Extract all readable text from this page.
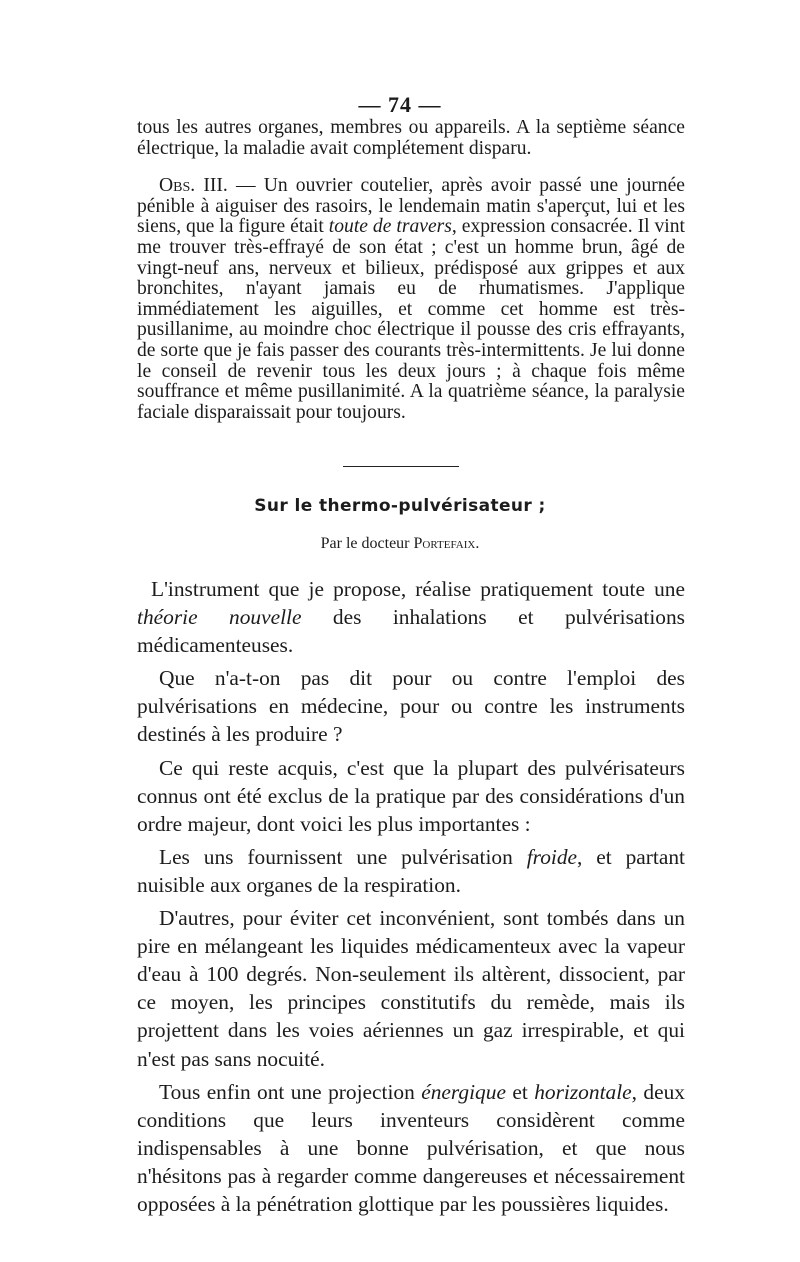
— 74 —

tous les autres organes, membres ou appareils. A la septième séance électrique, la maladie avait complétement disparu.

Obs. III. — Un ouvrier coutelier, après avoir passé une journée pénible à aiguiser des rasoirs, le lendemain matin s'aperçut, lui et les siens, que la figure était toute de travers, expression consacrée. Il vint me trouver très-effrayé de son état ; c'est un homme brun, âgé de vingt-neuf ans, nerveux et bilieux, prédisposé aux grippes et aux bronchites, n'ayant jamais eu de rhumatismes. J'applique immédiatement les aiguilles, et comme cet homme est très-pusillanime, au moindre choc électrique il pousse des cris effrayants, de sorte que je fais passer des courants très-intermittents. Je lui donne le conseil de revenir tous les deux jours ; à chaque fois même souffrance et même pusillanimité. A la quatrième séance, la paralysie faciale disparaissait pour toujours.

Sur le thermo-pulvérisateur ;
Par le docteur Portefaix.

L'instrument que je propose, réalise pratiquement toute une théorie nouvelle des inhalations et pulvérisations médicamenteuses.

Que n'a-t-on pas dit pour ou contre l'emploi des pulvérisations en médecine, pour ou contre les instruments destinés à les produire ?

Ce qui reste acquis, c'est que la plupart des pulvérisateurs connus ont été exclus de la pratique par des considérations d'un ordre majeur, dont voici les plus importantes :

Les uns fournissent une pulvérisation froide, et partant nuisible aux organes de la respiration.

D'autres, pour éviter cet inconvénient, sont tombés dans un pire en mélangeant les liquides médicamenteux avec la vapeur d'eau à 100 degrés. Non-seulement ils altèrent, dissocient, par ce moyen, les principes constitutifs du remède, mais ils projettent dans les voies aériennes un gaz irrespirable, et qui n'est pas sans nocuité.

Tous enfin ont une projection énergique et horizontale, deux conditions que leurs inventeurs considèrent comme indispensables à une bonne pulvérisation, et que nous n'hésitons pas à regarder comme dangereuses et nécessairement opposées à la pénétration glottique par les poussières liquides.
